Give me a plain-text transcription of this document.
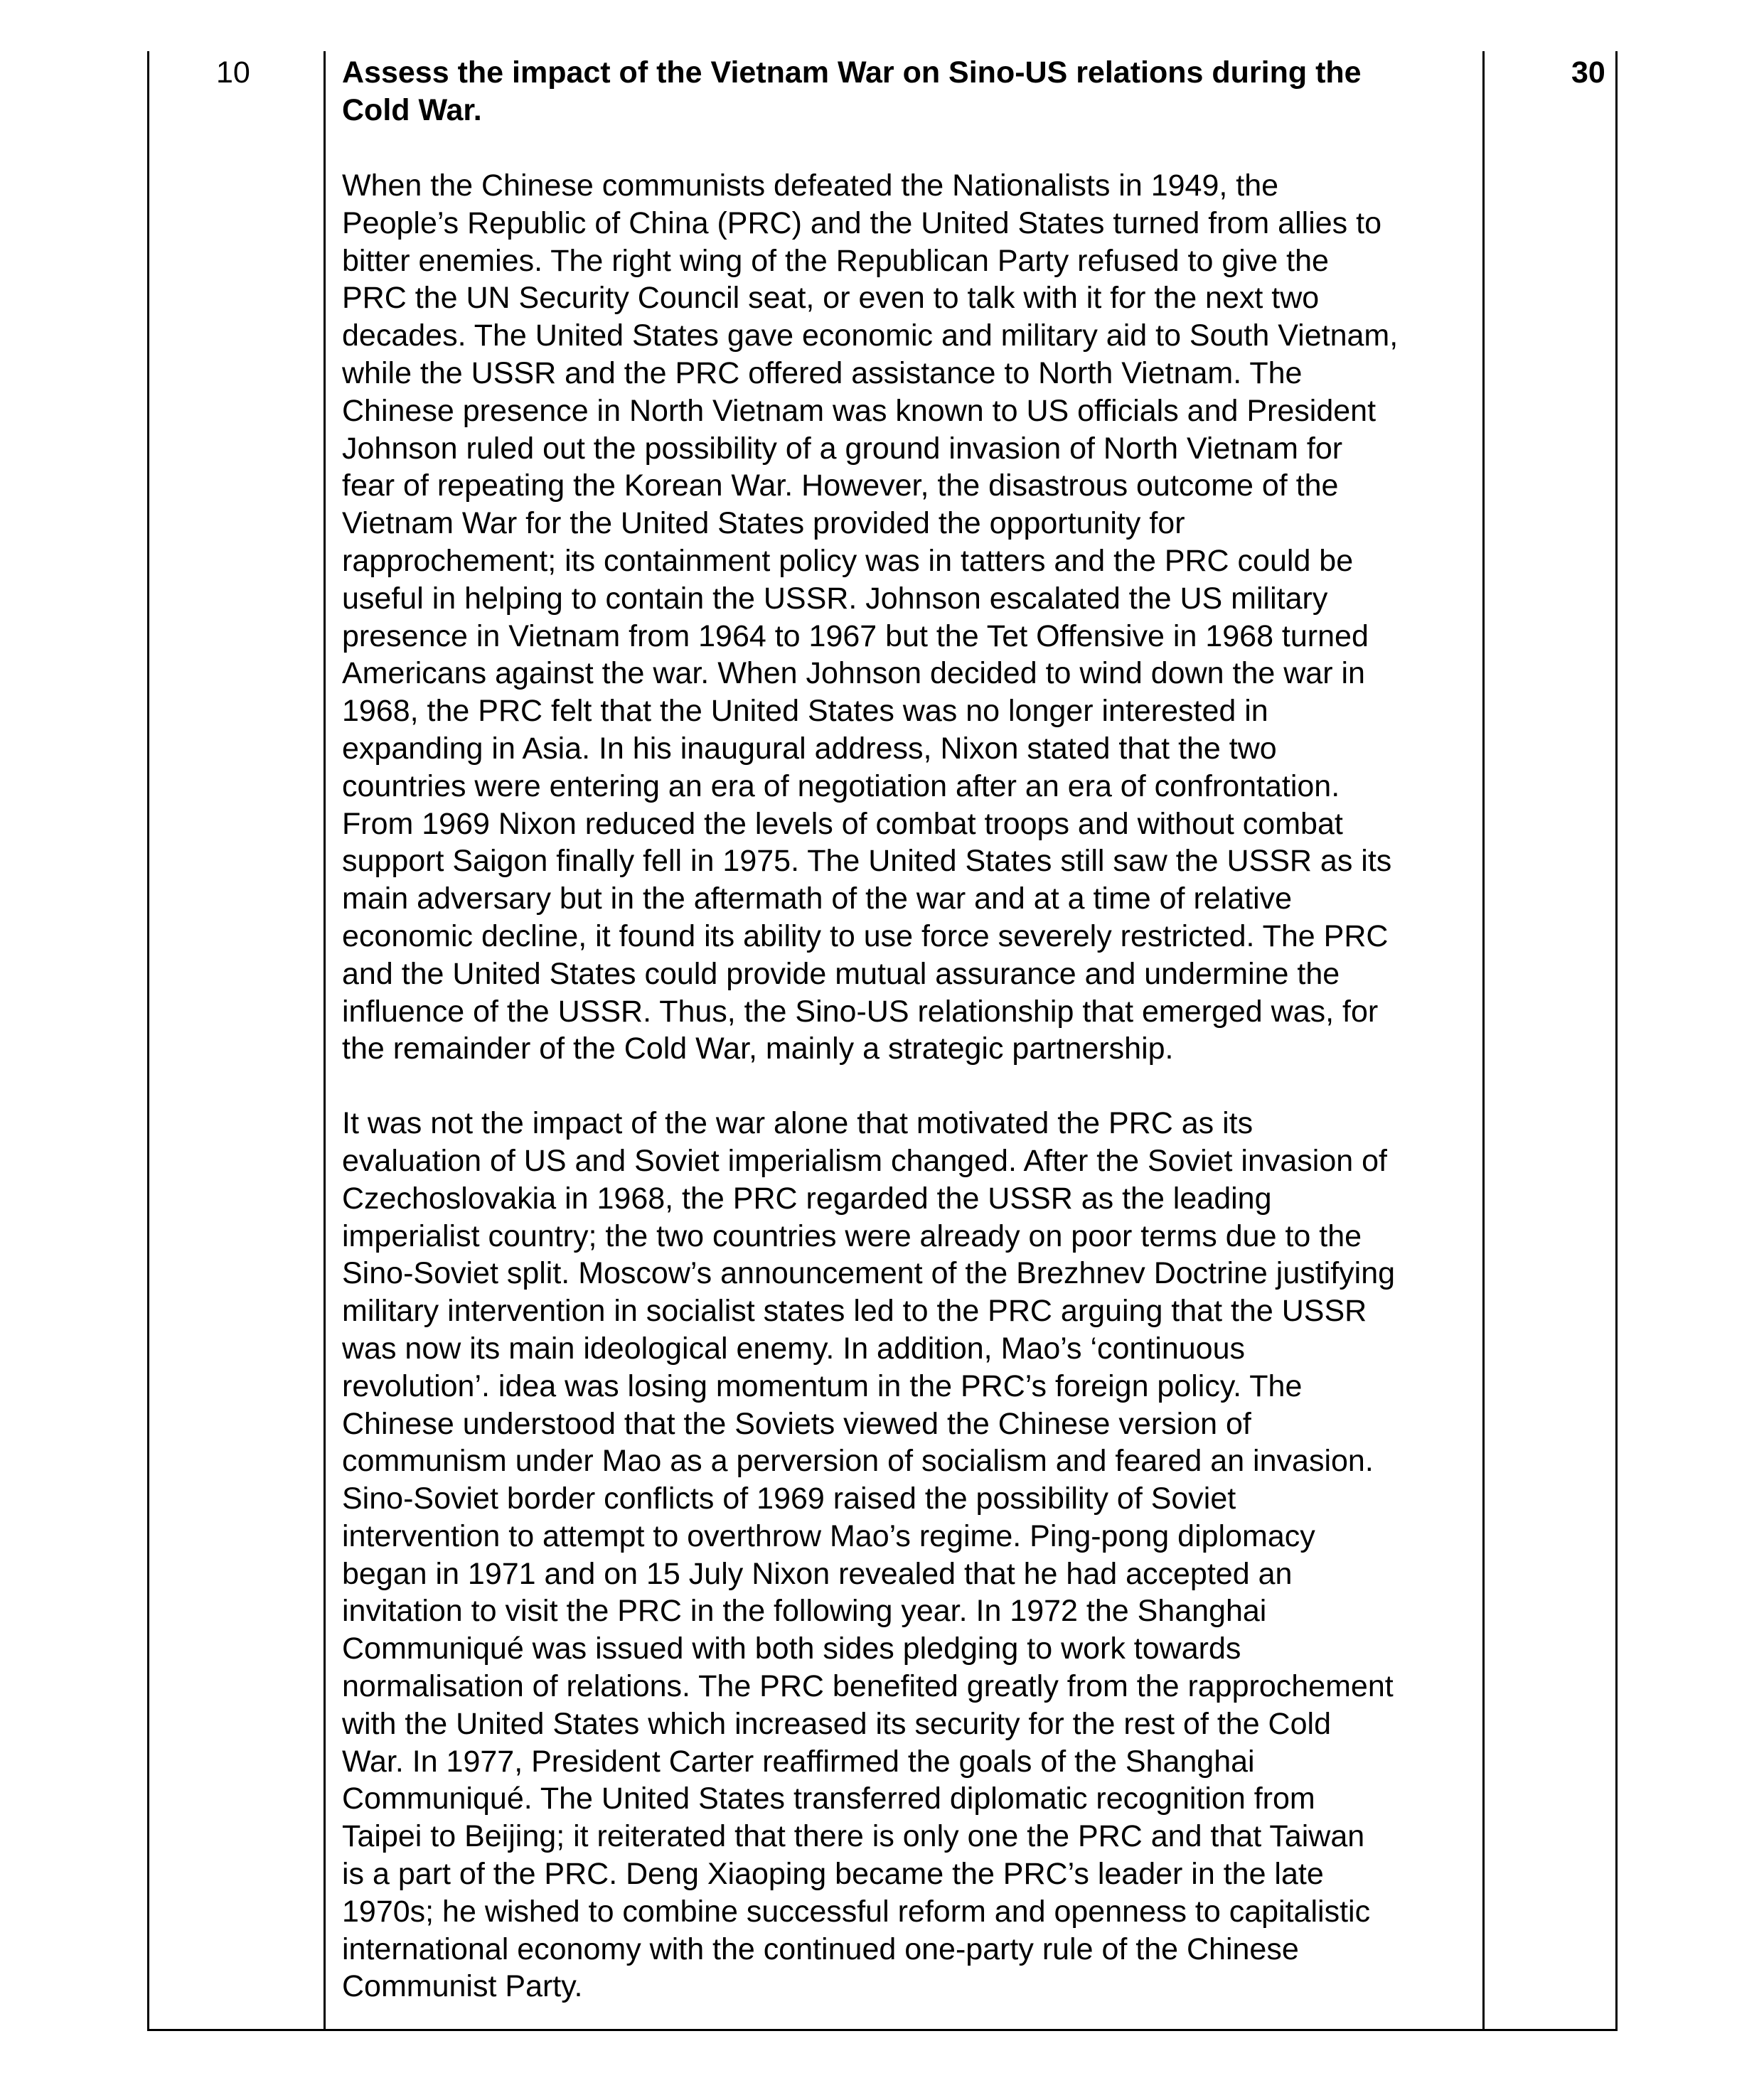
10	30

Assess the impact of the Vietnam War on Sino-US relations during the
Cold War.

When the Chinese communists defeated the Nationalists in 1949, the
People’s Republic of China (PRC) and the United States turned from allies to
bitter enemies. The right wing of the Republican Party refused to give the
PRC the UN Security Council seat, or even to talk with it for the next two
decades. The United States gave economic and military aid to South Vietnam,
while the USSR and the PRC offered assistance to North Vietnam. The
Chinese presence in North Vietnam was known to US officials and President
Johnson ruled out the possibility of a ground invasion of North Vietnam for
fear of repeating the Korean War. However, the disastrous outcome of the
Vietnam War for the United States provided the opportunity for
rapprochement; its containment policy was in tatters and the PRC could be
useful in helping to contain the USSR. Johnson escalated the US military
presence in Vietnam from 1964 to 1967 but the Tet Offensive in 1968 turned
Americans against the war. When Johnson decided to wind down the war in
1968, the PRC felt that the United States was no longer interested in
expanding in Asia. In his inaugural address, Nixon stated that the two
countries were entering an era of negotiation after an era of confrontation.
From 1969 Nixon reduced the levels of combat troops and without combat
support Saigon finally fell in 1975. The United States still saw the USSR as its
main adversary but in the aftermath of the war and at a time of relative
economic decline, it found its ability to use force severely restricted. The PRC
and the United States could provide mutual assurance and undermine the
influence of the USSR. Thus, the Sino-US relationship that emerged was, for
the remainder of the Cold War, mainly a strategic partnership.

It was not the impact of the war alone that motivated the PRC as its
evaluation of US and Soviet imperialism changed. After the Soviet invasion of
Czechoslovakia in 1968, the PRC regarded the USSR as the leading
imperialist country; the two countries were already on poor terms due to the
Sino-Soviet split. Moscow’s announcement of the Brezhnev Doctrine justifying
military intervention in socialist states led to the PRC arguing that the USSR
was now its main ideological enemy. In addition, Mao’s ‘continuous
revolution’. idea was losing momentum in the PRC’s foreign policy. The
Chinese understood that the Soviets viewed the Chinese version of
communism under Mao as a perversion of socialism and feared an invasion.
Sino-Soviet border conflicts of 1969 raised the possibility of Soviet
intervention to attempt to overthrow Mao’s regime. Ping-pong diplomacy
began in 1971 and on 15 July Nixon revealed that he had accepted an
invitation to visit the PRC in the following year. In 1972 the Shanghai
Communiqué was issued with both sides pledging to work towards
normalisation of relations. The PRC benefited greatly from the rapprochement
with the United States which increased its security for the rest of the Cold
War. In 1977, President Carter reaffirmed the goals of the Shanghai
Communiqué. The United States transferred diplomatic recognition from
Taipei to Beijing; it reiterated that there is only one the PRC and that Taiwan
is a part of the PRC. Deng Xiaoping became the PRC’s leader in the late
1970s; he wished to combine successful reform and openness to capitalistic
international economy with the continued one-party rule of the Chinese
Communist Party.
